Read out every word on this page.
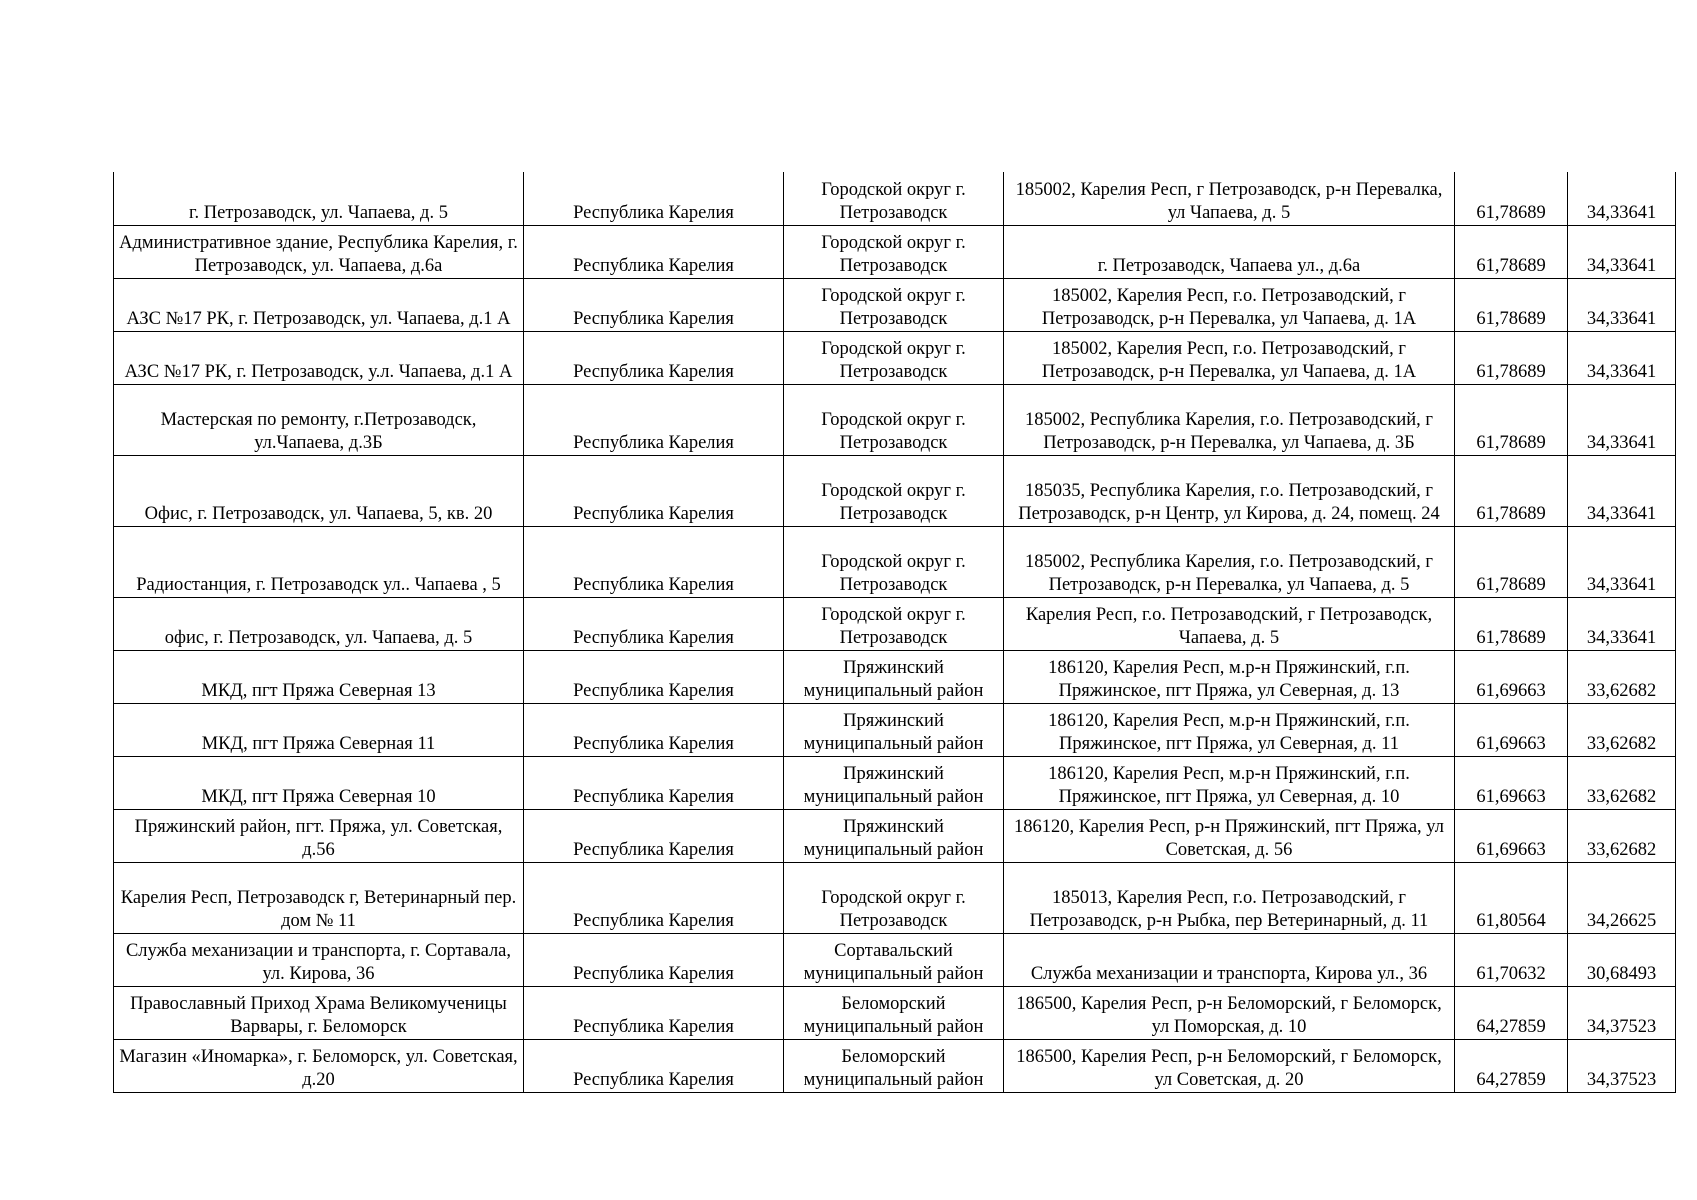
г. Петрозаводск, ул. Чапаева, д. 5	Республика Карелия	Городской округ г. Петрозаводск	185002, Карелия Респ, г Петрозаводск, р-н Перевалка, ул Чапаева, д. 5	61,78689	34,33641
Административное здание, Республика Карелия, г. Петрозаводск, ул. Чапаева, д.6а	Республика Карелия	Городской округ г. Петрозаводск	г. Петрозаводск, Чапаева ул., д.6а	61,78689	34,33641
АЗС №17 РК, г. Петрозаводск, ул. Чапаева, д.1 А	Республика Карелия	Городской округ г. Петрозаводск	185002, Карелия Респ, г.о. Петрозаводский, г Петрозаводск, р-н Перевалка, ул Чапаева, д. 1А	61,78689	34,33641
АЗС №17 РК, г. Петрозаводск, у.л. Чапаева, д.1 А	Республика Карелия	Городской округ г. Петрозаводск	185002, Карелия Респ, г.о. Петрозаводский, г Петрозаводск, р-н Перевалка, ул Чапаева, д. 1А	61,78689	34,33641
Мастерская по ремонту, г.Петрозаводск, ул.Чапаева, д.3Б	Республика Карелия	Городской округ г. Петрозаводск	185002, Республика Карелия, г.о. Петрозаводский, г Петрозаводск, р-н Перевалка, ул Чапаева, д. 3Б	61,78689	34,33641
Офис, г. Петрозаводск, ул. Чапаева, 5, кв. 20	Республика Карелия	Городской округ г. Петрозаводск	185035, Республика Карелия, г.о. Петрозаводский, г Петрозаводск, р-н Центр, ул Кирова, д. 24, помещ. 24	61,78689	34,33641
Радиостанция, г. Петрозаводск ул.. Чапаева , 5	Республика Карелия	Городской округ г. Петрозаводск	185002, Республика Карелия, г.о. Петрозаводский, г Петрозаводск, р-н Перевалка, ул Чапаева, д. 5	61,78689	34,33641
офис, г. Петрозаводск, ул. Чапаева, д. 5	Республика Карелия	Городской округ г. Петрозаводск	Карелия Респ, г.о. Петрозаводский, г Петрозаводск, Чапаева, д. 5	61,78689	34,33641
МКД, пгт Пряжа Северная 13	Республика Карелия	Пряжинский муниципальный район	186120, Карелия Респ, м.р-н Пряжинский, г.п. Пряжинское, пгт Пряжа, ул Северная, д. 13	61,69663	33,62682
МКД, пгт Пряжа Северная 11	Республика Карелия	Пряжинский муниципальный район	186120, Карелия Респ, м.р-н Пряжинский, г.п. Пряжинское, пгт Пряжа, ул Северная, д. 11	61,69663	33,62682
МКД, пгт Пряжа Северная 10	Республика Карелия	Пряжинский муниципальный район	186120, Карелия Респ, м.р-н Пряжинский, г.п. Пряжинское, пгт Пряжа, ул Северная, д. 10	61,69663	33,62682
Пряжинский район, пгт. Пряжа, ул. Советская, д.56	Республика Карелия	Пряжинский муниципальный район	186120, Карелия Респ, р-н Пряжинский, пгт Пряжа, ул Советская, д. 56	61,69663	33,62682
Карелия Респ, Петрозаводск г, Ветеринарный пер. дом № 11	Республика Карелия	Городской округ г. Петрозаводск	185013, Карелия Респ, г.о. Петрозаводский, г Петрозаводск, р-н Рыбка, пер Ветеринарный, д. 11	61,80564	34,26625
Служба механизации и транспорта, г. Сортавала, ул. Кирова, 36	Республика Карелия	Сортавальский муниципальный район	Служба механизации и транспорта, Кирова ул., 36	61,70632	30,68493
Православный Приход Храма Великомученицы Варвары, г. Беломорск	Республика Карелия	Беломорский муниципальный район	186500, Карелия Респ, р-н Беломорский, г Беломорск, ул Поморская, д. 10	64,27859	34,37523
Магазин «Иномарка», г. Беломорск, ул. Советская, д.20	Республика Карелия	Беломорский муниципальный район	186500, Карелия Респ, р-н Беломорский, г Беломорск, ул Советская, д. 20	64,27859	34,37523
